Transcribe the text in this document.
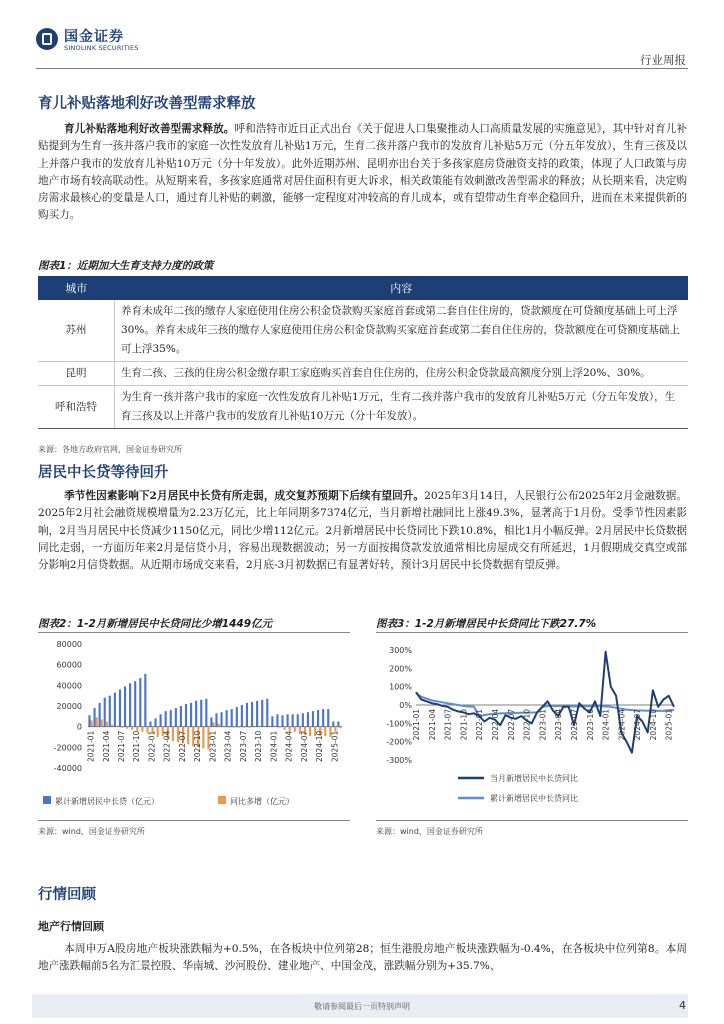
国金证券
SINOLINK SECURITIES
行业周报
育儿补贴落地利好改善型需求释放
育儿补贴落地利好改善型需求释放。呼和浩特市近日正式出台《关于促进人口集聚推动人口高质量发展的实施意见》，其中针对育儿补贴提到为生育一孩并落户我市的家庭一次性发放育儿补贴1万元，生育二孩并落户我市的发放育儿补贴5万元（分五年发放），生育三孩及以上并落户我市的发放育儿补贴10万元（分十年发放）。此外近期苏州、昆明亦出台关于多孩家庭房贷融资支持的政策，体现了人口政策与房地产市场有较高联动性。从短期来看，多孩家庭通常对居住面积有更大诉求，相关政策能有效刺激改善型需求的释放；从长期来看，决定购房需求最核心的变量是人口，通过育儿补贴的刺激，能够一定程度对冲较高的育儿成本，或有望带动生育率企稳回升，进而在未来提供新的购买力。
图表1：近期加大生育支持力度的政策
城市	内容
苏州	养育未成年二孩的缴存人家庭使用住房公积金贷款购买家庭首套或第二套自住住房的，贷款额度在可贷额度基础上可上浮30%。养育未成年三孩的缴存人家庭使用住房公积金贷款购买家庭首套或第二套自住住房的，贷款额度在可贷额度基础上可上浮35%。
昆明	生育二孩、三孩的住房公积金缴存职工家庭购买首套自住住房的，住房公积金贷款最高额度分别上浮20%、30%。
呼和浩特	为生育一孩并落户我市的家庭一次性发放育儿补贴1万元，生育二孩并落户我市的发放育儿补贴5万元（分五年发放），生育三孩及以上并落户我市的发放育儿补贴10万元（分十年发放）。
来源：各地方政府官网，国金证券研究所
居民中长贷等待回升
季节性因素影响下2月居民中长贷有所走弱，成交复苏预期下后续有望回升。2025年3月14日，人民银行公布2025年2月金融数据。2025年2月社会融资规模增量为2.23万亿元，比上年同期多7374亿元，当月新增社融同比上涨49.3%，显著高于1月份。受季节性因素影响，2月当月居民中长贷减少1150亿元，同比少增112亿元。2月新增居民中长贷同比下跌10.8%，相比1月小幅反弹。2月居民中长贷数据同比走弱，一方面历年来2月是信贷小月，容易出现数据波动；另一方面按揭贷款发放通常相比房屋成交有所延迟，1月假期成交真空或部分影响2月信贷数据。从近期市场成交来看，2月底-3月初数据已有显著好转，预计3月居民中长贷数据有望反弹。
图表2：1-2月新增居民中长贷同比少增1449亿元	图表3：1-2月新增居民中长贷同比下跌27.7%
-40000
-20000
0
20000
40000
60000
80000
2021-01 2021-04 2021-07 2021-10 2022-01 2022-04 2022-07 2022-10 2023-01 2023-04 2023-07 2023-10 2024-01 2024-04 2024-07 2024-10 2025-01
累计新增居民中长贷（亿元）	同比多增（亿元）
来源：wind，国金证券研究所
-300%
-200%
-100%
0%
100%
200%
300%
2021-01 2021-04 2021-07 2021-10 2022-01 2022-04 2022-07 2022-10 2023-01 2023-04 2023-07 2023-10 2024-01 2024-04 2024-07 2024-10 2025-01
当月新增居民中长贷同比
累计新增居民中长贷同比
来源：wind，国金证券研究所
行情回顾
地产行情回顾
本周申万A股房地产板块涨跌幅为+0.5%，在各板块中位列第28；恒生港股房地产板块涨跌幅为-0.4%，在各板块中位列第8。本周地产涨跌幅前5名为汇景控股、华南城、沙河股份、建业地产、中国金茂，涨跌幅分别为+35.7%、
敬请参阅最后一页特别声明	4
